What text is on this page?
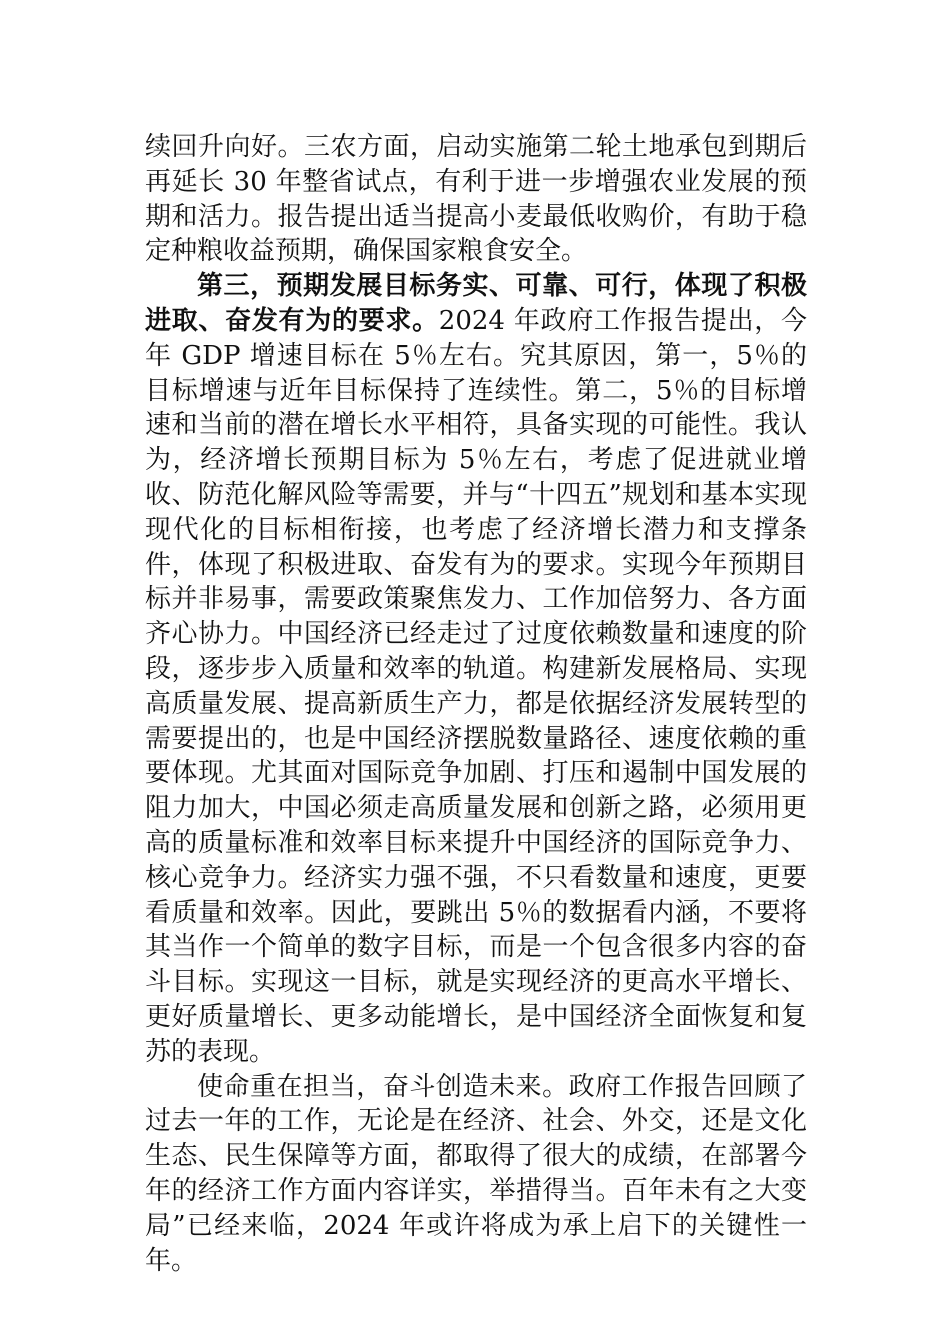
续回升向好。三农方面，启动实施第二轮土地承包到期后再延长 30 年整省试点，有利于进一步增强农业发展的预期和活力。报告提出适当提高小麦最低收购价，有助于稳定种粮收益预期，确保国家粮食安全。

第三，预期发展目标务实、可靠、可行，体现了积极进取、奋发有为的要求。2024 年政府工作报告提出，今年 GDP 增速目标在 5％左右。究其原因，第一，5％的目标增速与近年目标保持了连续性。第二，5％的目标增速和当前的潜在增长水平相符，具备实现的可能性。我认为，经济增长预期目标为 5％左右，考虑了促进就业增收、防范化解风险等需要，并与“十四五”规划和基本实现现代化的目标相衔接，也考虑了经济增长潜力和支撑条件，体现了积极进取、奋发有为的要求。实现今年预期目标并非易事，需要政策聚焦发力、工作加倍努力、各方面齐心协力。中国经济已经走过了过度依赖数量和速度的阶段，逐步步入质量和效率的轨道。构建新发展格局、实现高质量发展、提高新质生产力，都是依据经济发展转型的需要提出的，也是中国经济摆脱数量路径、速度依赖的重要体现。尤其面对国际竞争加剧、打压和遏制中国发展的阻力加大，中国必须走高质量发展和创新之路，必须用更高的质量标准和效率目标来提升中国经济的国际竞争力、核心竞争力。经济实力强不强，不只看数量和速度，更要看质量和效率。因此，要跳出 5％的数据看内涵，不要将其当作一个简单的数字目标，而是一个包含很多内容的奋斗目标。实现这一目标，就是实现经济的更高水平增长、更好质量增长、更多动能增长，是中国经济全面恢复和复苏的表现。

使命重在担当，奋斗创造未来。政府工作报告回顾了过去一年的工作，无论是在经济、社会、外交，还是文化生态、民生保障等方面，都取得了很大的成绩，在部署今年的经济工作方面内容详实，举措得当。百年未有之大变局”已经来临，2024 年或许将成为承上启下的关键性一年。
